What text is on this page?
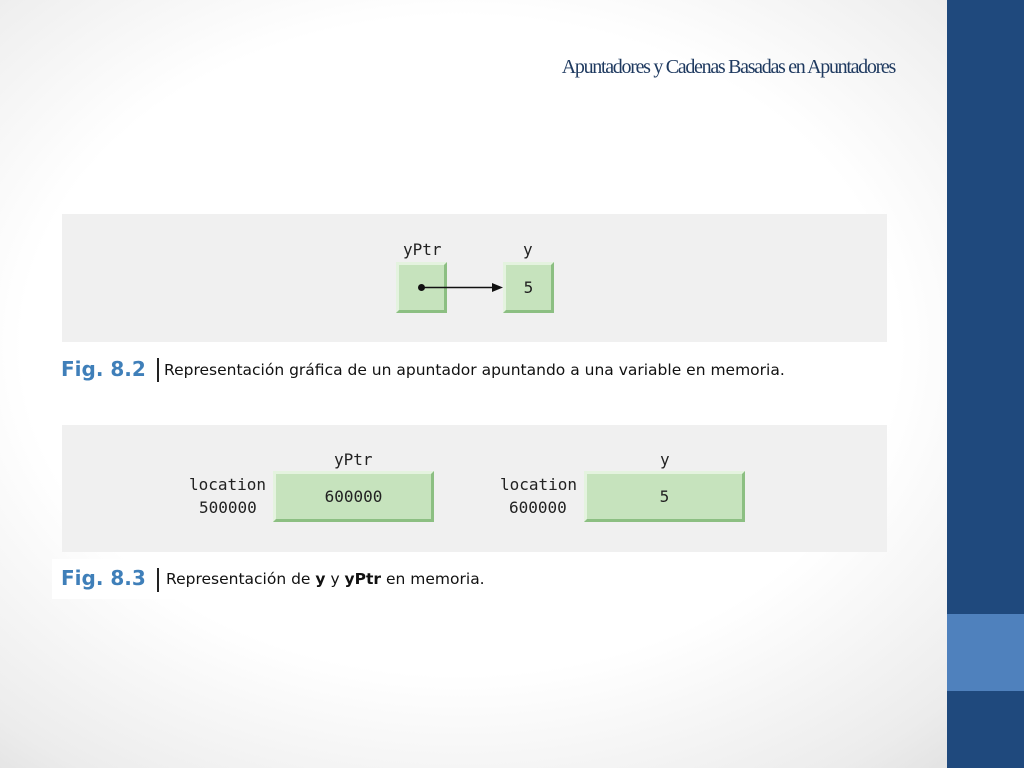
Apuntadores y Cadenas Basadas en Apuntadores
yPtr	y
5
Fig. 8.2 Representación gráfica de un apuntador apuntando a una variable en memoria.
yPtr
location
500000
600000
y
location
600000
5
Fig. 8.3 Representación de y y yPtr en memoria.
